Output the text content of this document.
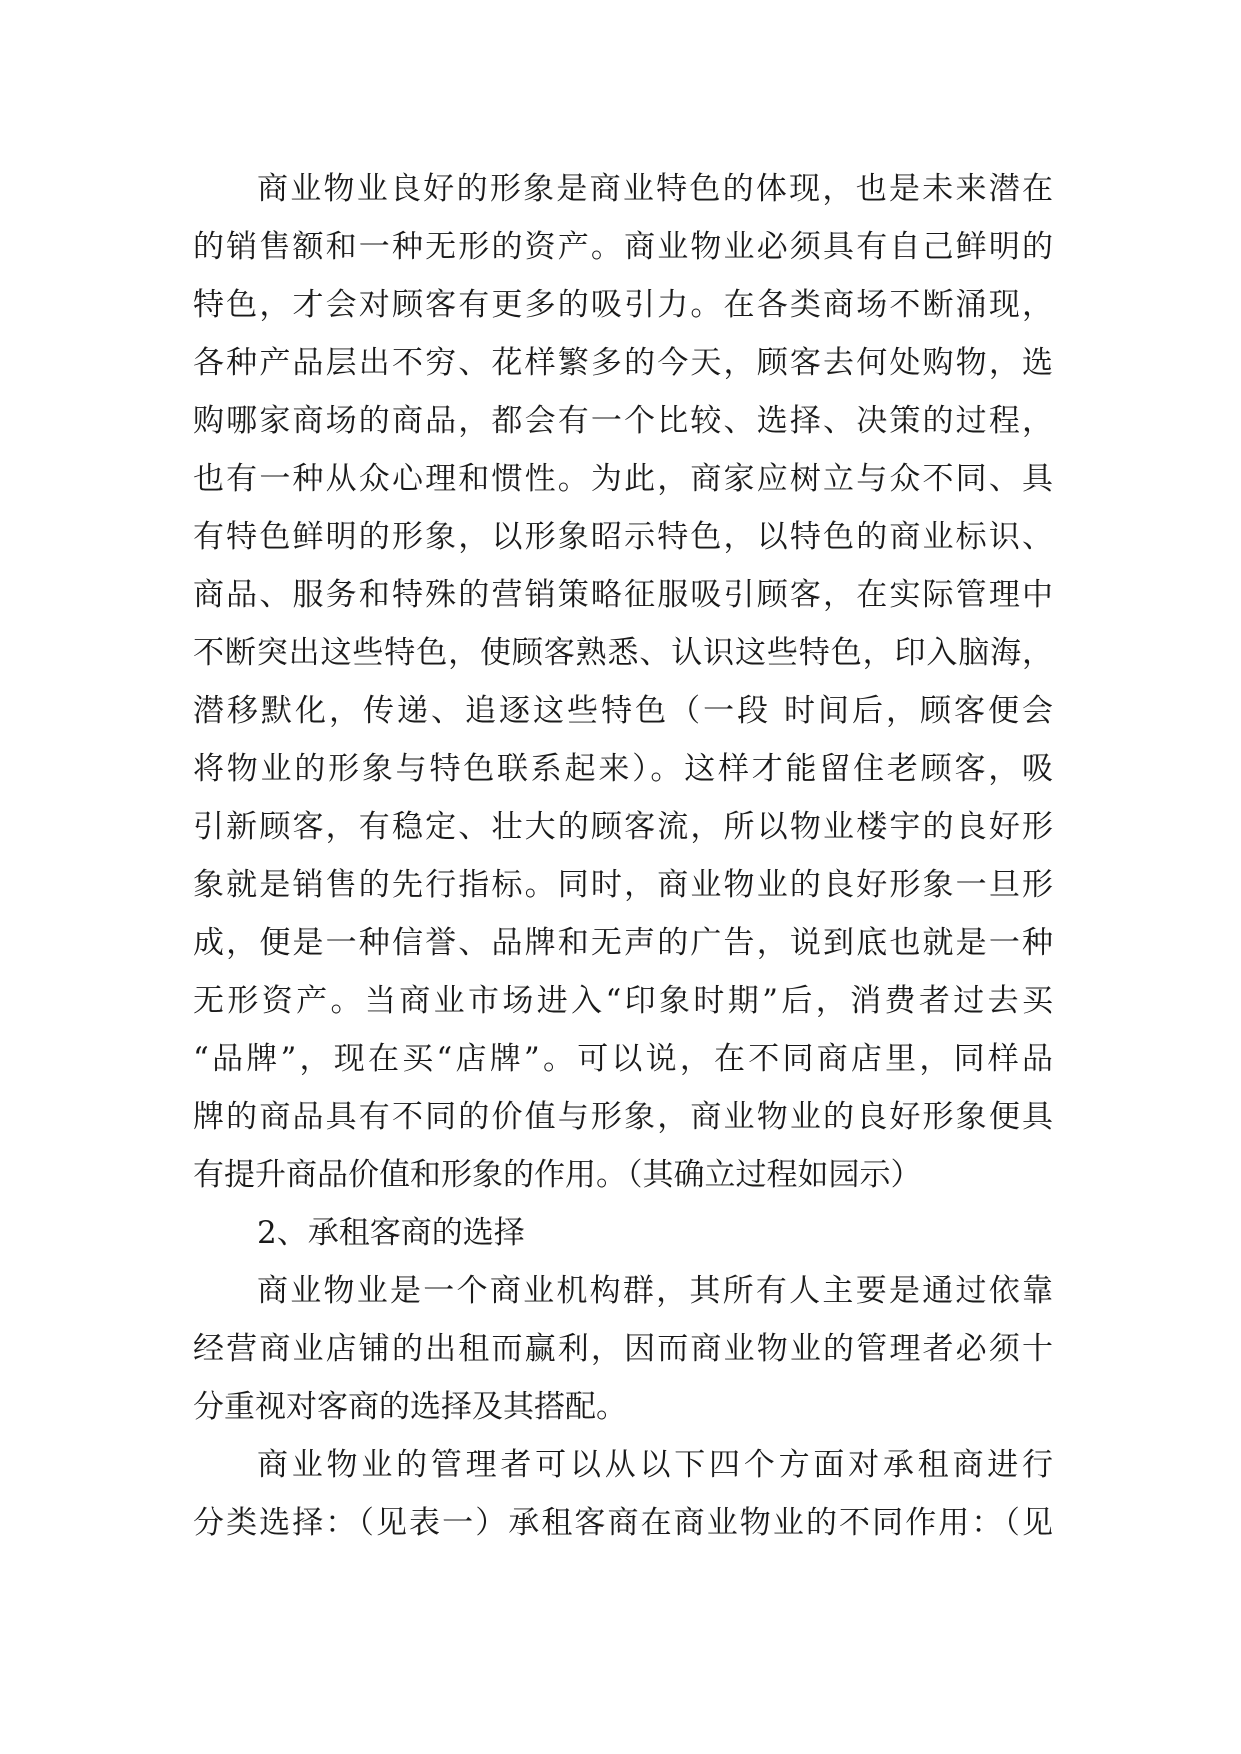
商业物业良好的形象是商业特色的体现，也是未来潜在
的销售额和一种无形的资产。商业物业必须具有自己鲜明的
特色，才会对顾客有更多的吸引力。在各类商场不断涌现，
各种产品层出不穷、花样繁多的今天，顾客去何处购物，选
购哪家商场的商品，都会有一个比较、选择、决策的过程，
也有一种从众心理和惯性。为此，商家应树立与众不同、具
有特色鲜明的形象，以形象昭示特色，以特色的商业标识、
商品、服务和特殊的营销策略征服吸引顾客，在实际管理中
不断突出这些特色，使顾客熟悉、认识这些特色，印入脑海，
潜移默化，传递、追逐这些特色（一段 时间后，顾客便会
将物业的形象与特色联系起来）。这样才能留住老顾客，吸
引新顾客，有稳定、壮大的顾客流，所以物业楼宇的良好形
象就是销售的先行指标。同时，商业物业的良好形象一旦形
成，便是一种信誉、品牌和无声的广告，说到底也就是一种
无形资产。当商业市场进入“印象时期”后，消费者过去买
“品牌”，现在买“店牌”。可以说，在不同商店里，同样品
牌的商品具有不同的价值与形象，商业物业的良好形象便具
有提升商品价值和形象的作用。（其确立过程如园示）
2、承租客商的选择
商业物业是一个商业机构群，其所有人主要是通过依靠
经营商业店铺的出租而赢利，因而商业物业的管理者必须十
分重视对客商的选择及其搭配。
商业物业的管理者可以从以下四个方面对承租商进行
分类选择：（见表一）承租客商在商业物业的不同作用：（见
